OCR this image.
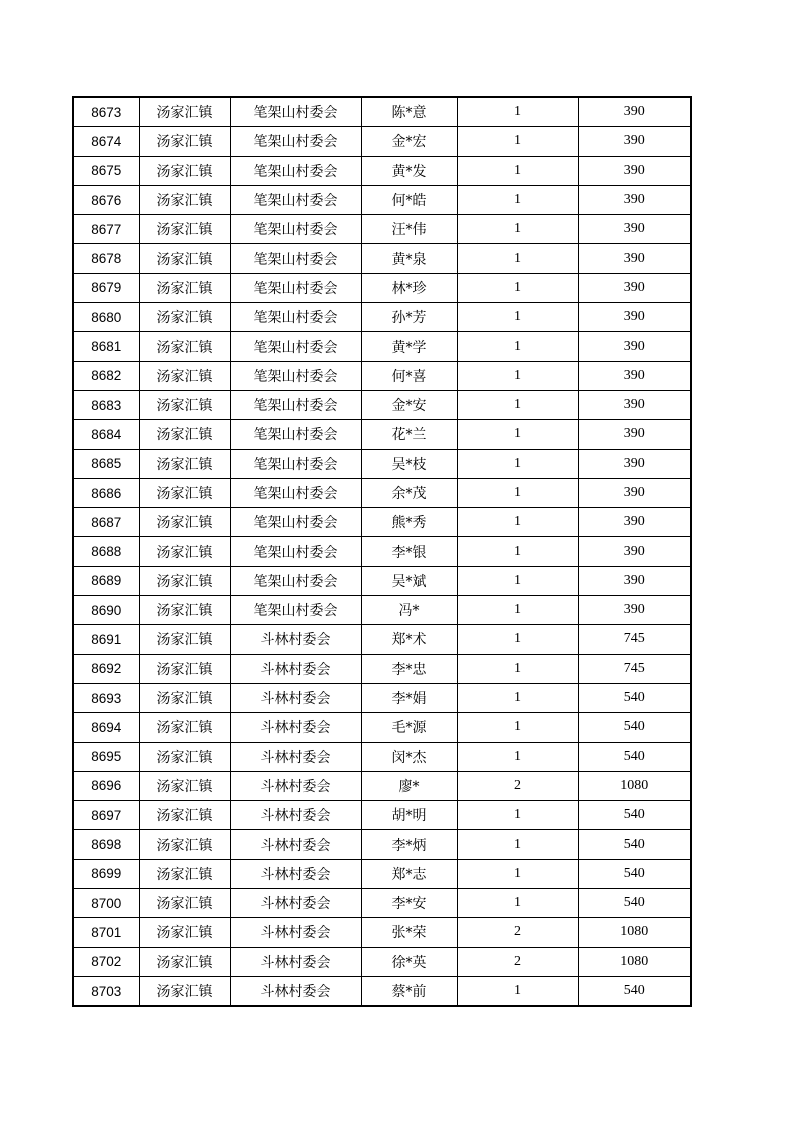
8673	汤家汇镇	笔架山村委会	陈*意	1	390
8674	汤家汇镇	笔架山村委会	金*宏	1	390
8675	汤家汇镇	笔架山村委会	黄*发	1	390
8676	汤家汇镇	笔架山村委会	何*皓	1	390
8677	汤家汇镇	笔架山村委会	汪*伟	1	390
8678	汤家汇镇	笔架山村委会	黄*泉	1	390
8679	汤家汇镇	笔架山村委会	林*珍	1	390
8680	汤家汇镇	笔架山村委会	孙*芳	1	390
8681	汤家汇镇	笔架山村委会	黄*学	1	390
8682	汤家汇镇	笔架山村委会	何*喜	1	390
8683	汤家汇镇	笔架山村委会	金*安	1	390
8684	汤家汇镇	笔架山村委会	花*兰	1	390
8685	汤家汇镇	笔架山村委会	吴*枝	1	390
8686	汤家汇镇	笔架山村委会	余*茂	1	390
8687	汤家汇镇	笔架山村委会	熊*秀	1	390
8688	汤家汇镇	笔架山村委会	李*银	1	390
8689	汤家汇镇	笔架山村委会	吴*斌	1	390
8690	汤家汇镇	笔架山村委会	冯*	1	390
8691	汤家汇镇	斗林村委会	郑*术	1	745
8692	汤家汇镇	斗林村委会	李*忠	1	745
8693	汤家汇镇	斗林村委会	李*娟	1	540
8694	汤家汇镇	斗林村委会	毛*源	1	540
8695	汤家汇镇	斗林村委会	闵*杰	1	540
8696	汤家汇镇	斗林村委会	廖*	2	1080
8697	汤家汇镇	斗林村委会	胡*明	1	540
8698	汤家汇镇	斗林村委会	李*炳	1	540
8699	汤家汇镇	斗林村委会	郑*志	1	540
8700	汤家汇镇	斗林村委会	李*安	1	540
8701	汤家汇镇	斗林村委会	张*荣	2	1080
8702	汤家汇镇	斗林村委会	徐*英	2	1080
8703	汤家汇镇	斗林村委会	蔡*前	1	540
